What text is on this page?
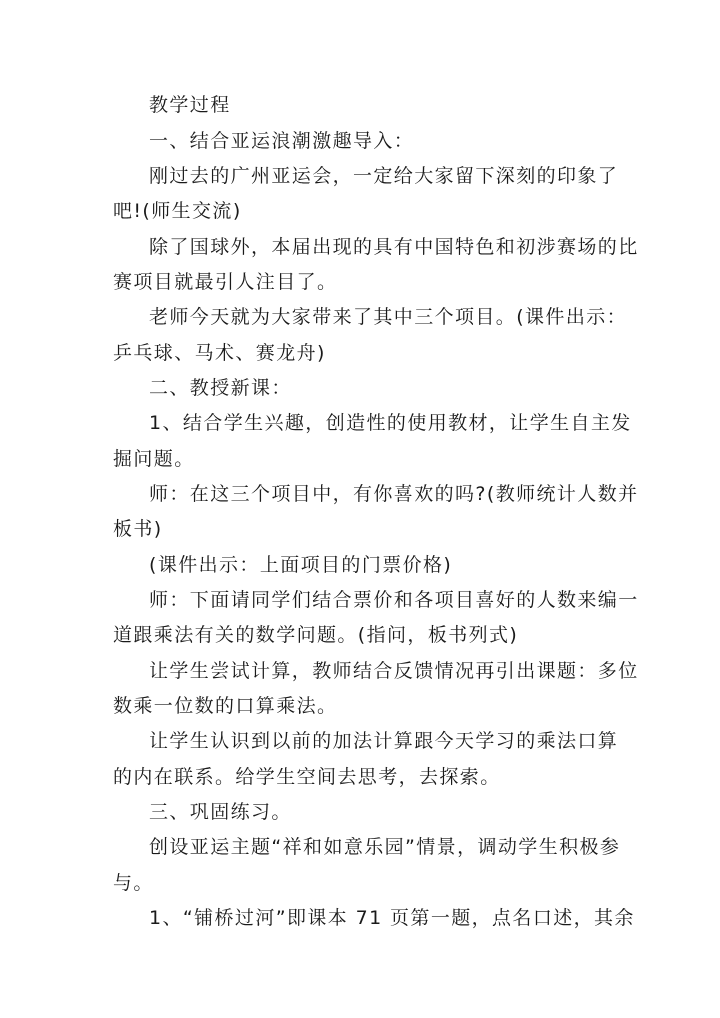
教学过程
一、结合亚运浪潮激趣导入：
刚过去的广州亚运会，一定给大家留下深刻的印象了
吧!(师生交流)
除了国球外，本届出现的具有中国特色和初涉赛场的比
赛项目就最引人注目了。
老师今天就为大家带来了其中三个项目。(课件出示：
乒乓球、马术、赛龙舟)
二、教授新课：
1、结合学生兴趣，创造性的使用教材，让学生自主发
掘问题。
师：在这三个项目中，有你喜欢的吗?(教师统计人数并
板书)
(课件出示：上面项目的门票价格)
师：下面请同学们结合票价和各项目喜好的人数来编一
道跟乘法有关的数学问题。(指问，板书列式)
让学生尝试计算，教师结合反馈情况再引出课题：多位
数乘一位数的口算乘法。
让学生认识到以前的加法计算跟今天学习的乘法口算
的内在联系。给学生空间去思考，去探索。
三、巩固练习。
创设亚运主题“祥和如意乐园”情景，调动学生积极参
与。
1、“铺桥过河”即课本 71 页第一题，点名口述，其余
